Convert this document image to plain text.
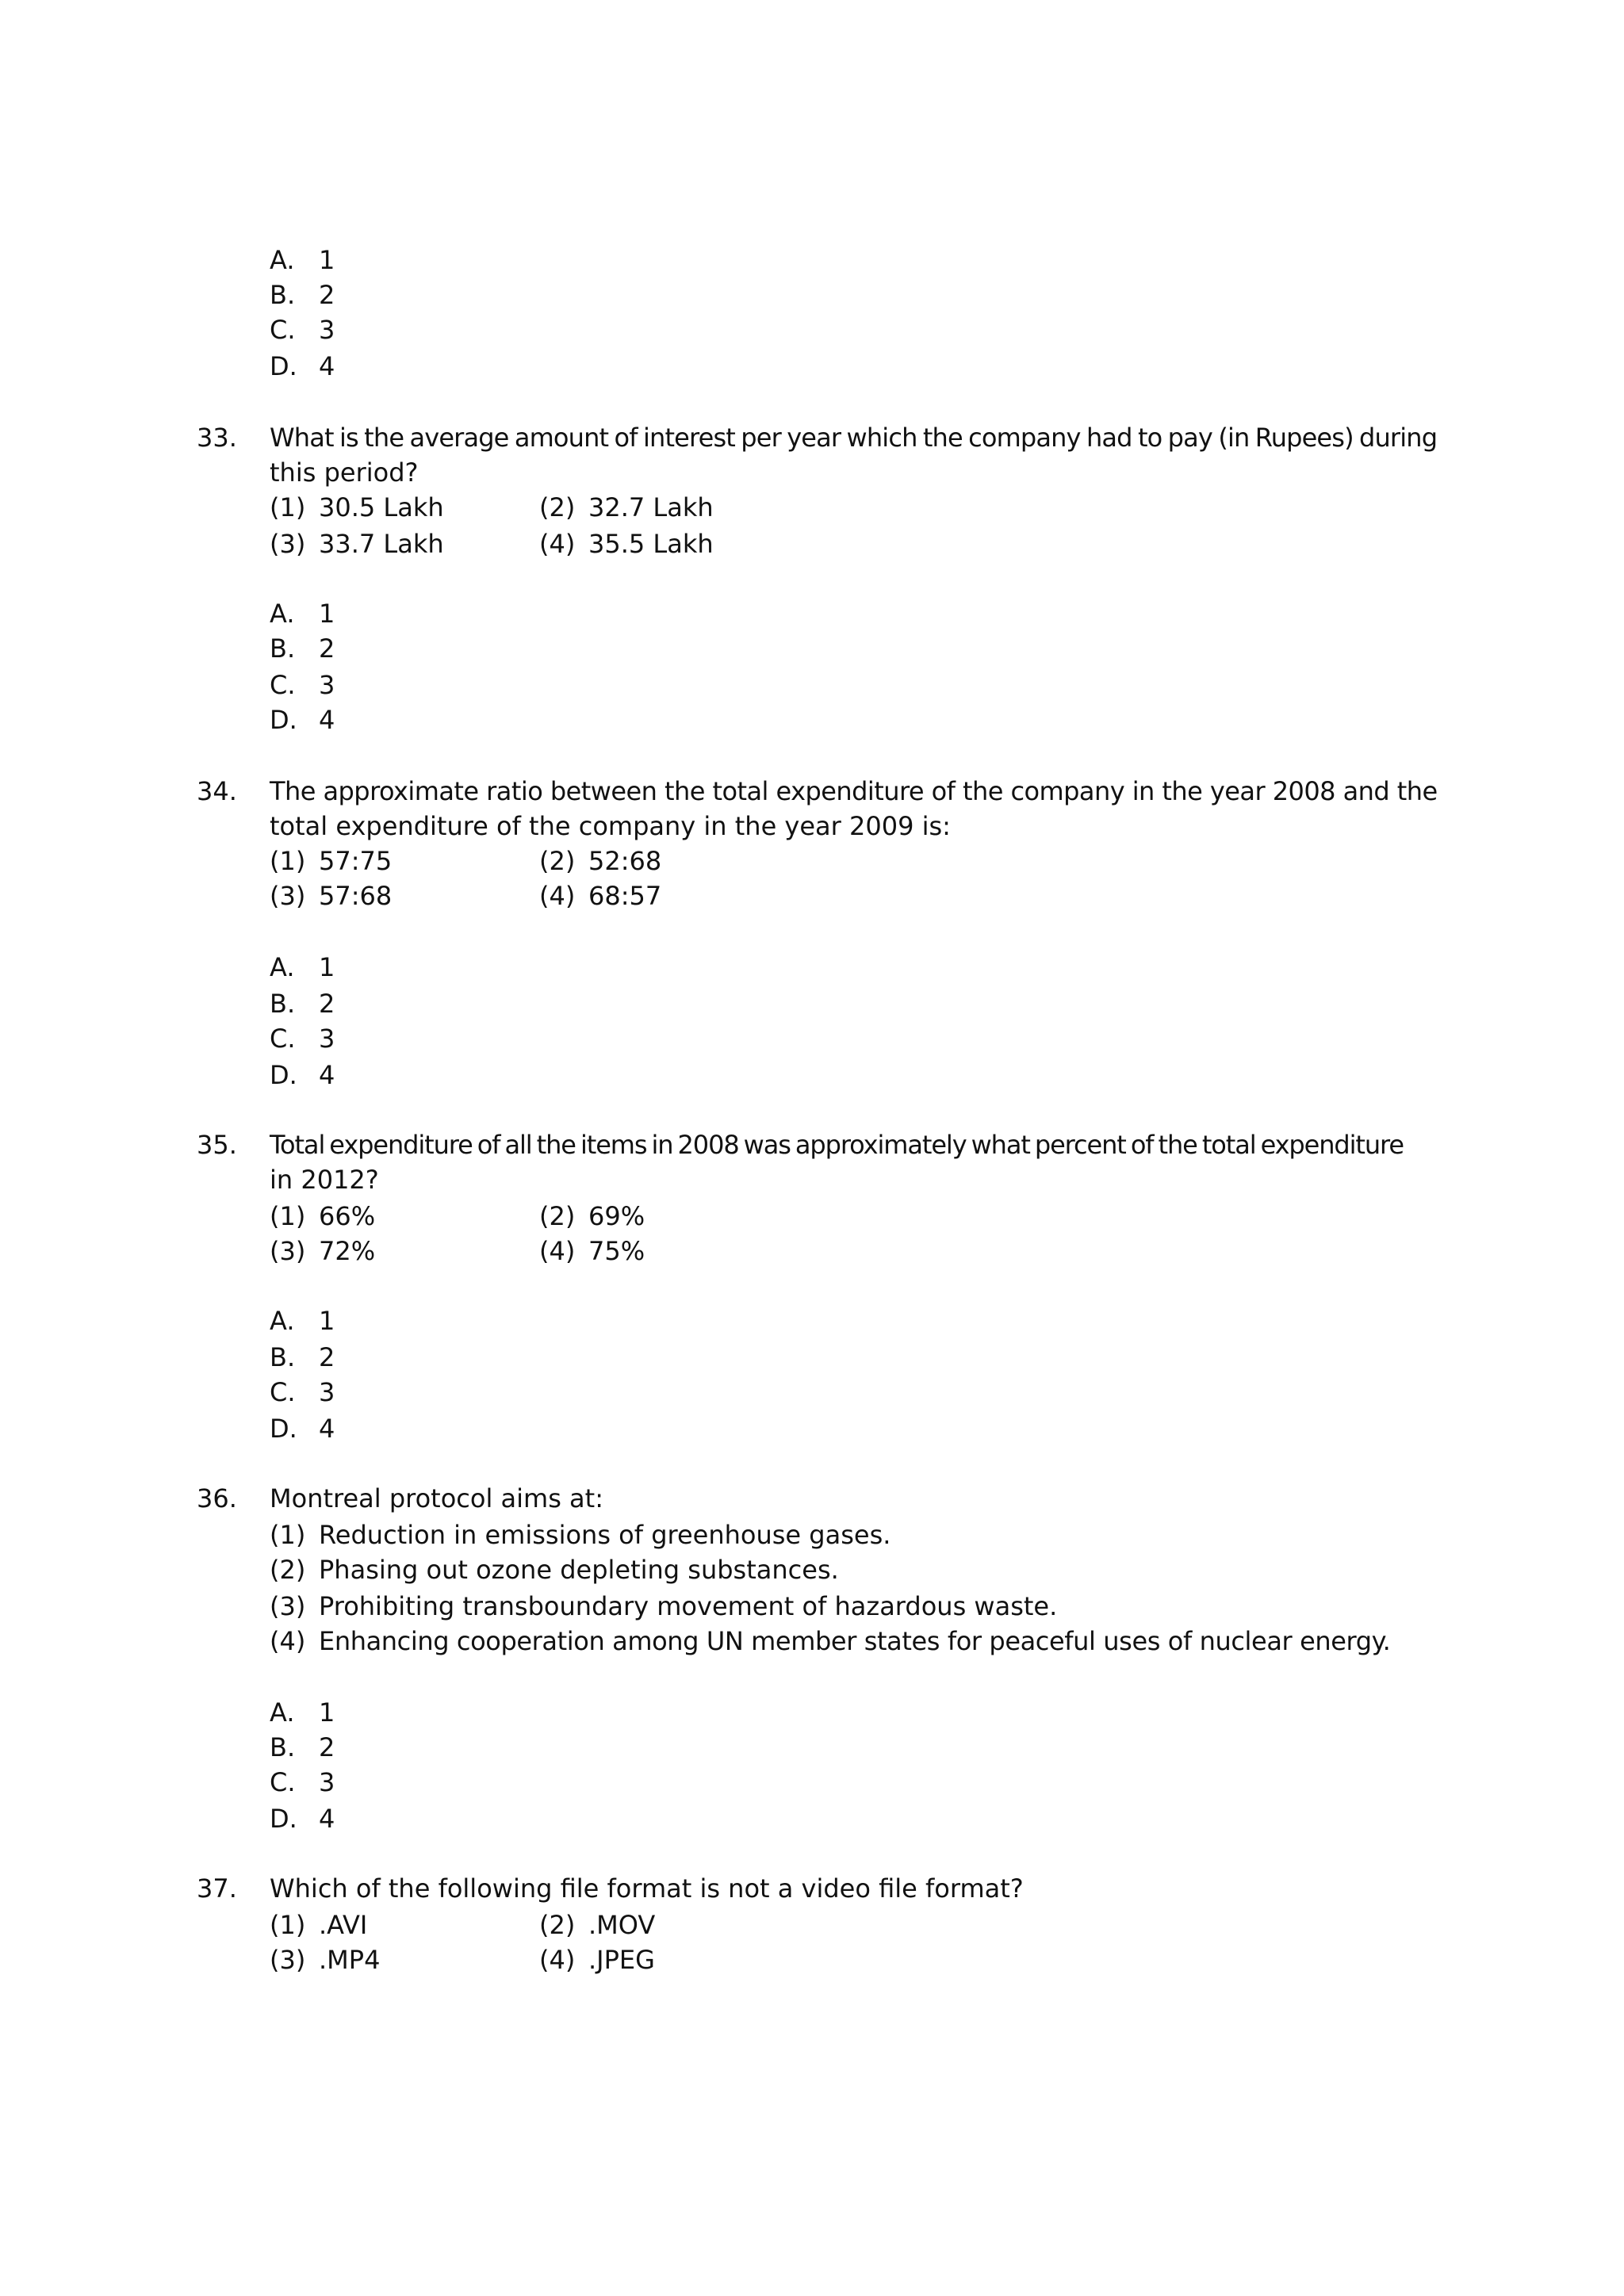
A. 1
B. 2
C. 3
D. 4
33. What is the average amount of interest per year which the company had to pay (in Rupees) during
this period?
(1) 30.5 Lakh	(2) 32.7 Lakh
(3) 33.7 Lakh	(4) 35.5 Lakh
A. 1
B. 2
C. 3
D. 4
34. The approximate ratio between the total expenditure of the company in the year 2008 and the
total expenditure of the company in the year 2009 is:
(1) 57:75	(2) 52:68
(3) 57:68	(4) 68:57
A. 1
B. 2
C. 3
D. 4
35. Total expenditure of all the items in 2008 was approximately what percent of the total expenditure
in 2012?
(1) 66%	(2) 69%
(3) 72%	(4) 75%
A. 1
B. 2
C. 3
D. 4
36. Montreal protocol aims at:
(1) Reduction in emissions of greenhouse gases.
(2) Phasing out ozone depleting substances.
(3) Prohibiting transboundary movement of hazardous waste.
(4) Enhancing cooperation among UN member states for peaceful uses of nuclear energy.
A. 1
B. 2
C. 3
D. 4
37. Which of the following file format is not a video file format?
(1) .AVI	(2) .MOV
(3) .MP4	(4) .JPEG
